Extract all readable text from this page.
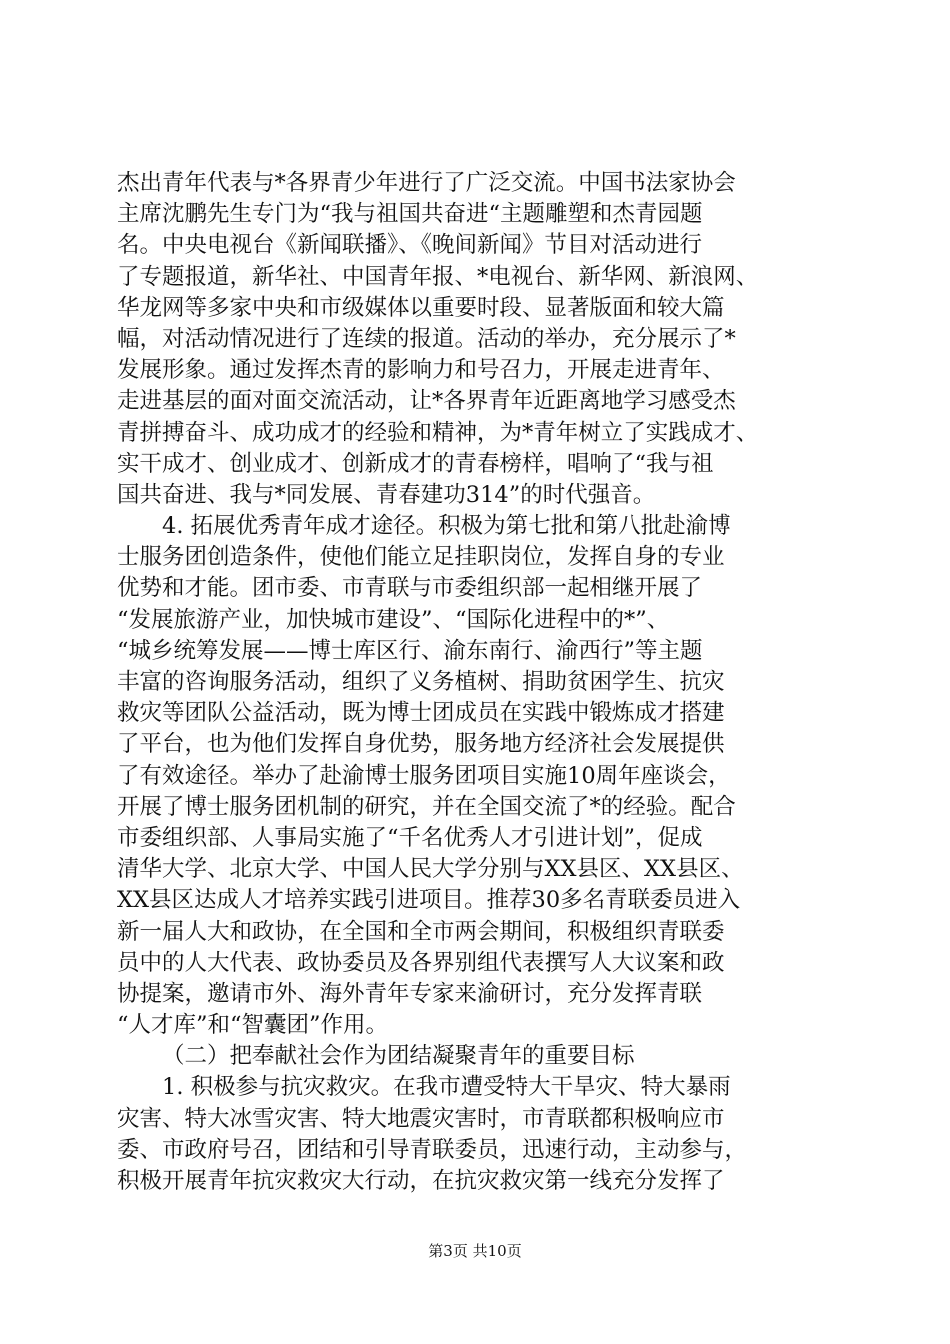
杰出青年代表与*各界青少年进行了广泛交流。中国书法家协会
主席沈鹏先生专门为“我与祖国共奋进“主题雕塑和杰青园题
名。中央电视台《新闻联播》、《晚间新闻》节目对活动进行
了专题报道，新华社、中国青年报、*电视台、新华网、新浪网、
华龙网等多家中央和市级媒体以重要时段、显著版面和较大篇
幅，对活动情况进行了连续的报道。活动的举办，充分展示了*
发展形象。通过发挥杰青的影响力和号召力，开展走进青年、
走进基层的面对面交流活动，让*各界青年近距离地学习感受杰
青拼搏奋斗、成功成才的经验和精神，为*青年树立了实践成才、
实干成才、创业成才、创新成才的青春榜样，唱响了“我与祖
国共奋进、我与*同发展、青春建功314”的时代强音。
4. 拓展优秀青年成才途径。积极为第七批和第八批赴渝博
士服务团创造条件，使他们能立足挂职岗位，发挥自身的专业
优势和才能。团市委、市青联与市委组织部一起相继开展了
“发展旅游产业，加快城市建设”、“国际化进程中的*”、
“城乡统筹发展——博士库区行、渝东南行、渝西行”等主题
丰富的咨询服务活动，组织了义务植树、捐助贫困学生、抗灾
救灾等团队公益活动，既为博士团成员在实践中锻炼成才搭建
了平台，也为他们发挥自身优势，服务地方经济社会发展提供
了有效途径。举办了赴渝博士服务团项目实施10周年座谈会，
开展了博士服务团机制的研究，并在全国交流了*的经验。配合
市委组织部、人事局实施了“千名优秀人才引进计划”，促成
清华大学、北京大学、中国人民大学分别与XX县区、XX县区、
XX县区达成人才培养实践引进项目。推荐30多名青联委员进入
新一届人大和政协，在全国和全市两会期间，积极组织青联委
员中的人大代表、政协委员及各界别组代表撰写人大议案和政
协提案，邀请市外、海外青年专家来渝研讨，充分发挥青联
“人才库”和“智囊团”作用。
（二）把奉献社会作为团结凝聚青年的重要目标
1. 积极参与抗灾救灾。在我市遭受特大干旱灾、特大暴雨
灾害、特大冰雪灾害、特大地震灾害时，市青联都积极响应市
委、市政府号召，团结和引导青联委员，迅速行动，主动参与，
积极开展青年抗灾救灾大行动，在抗灾救灾第一线充分发挥了
第3页 共10页
